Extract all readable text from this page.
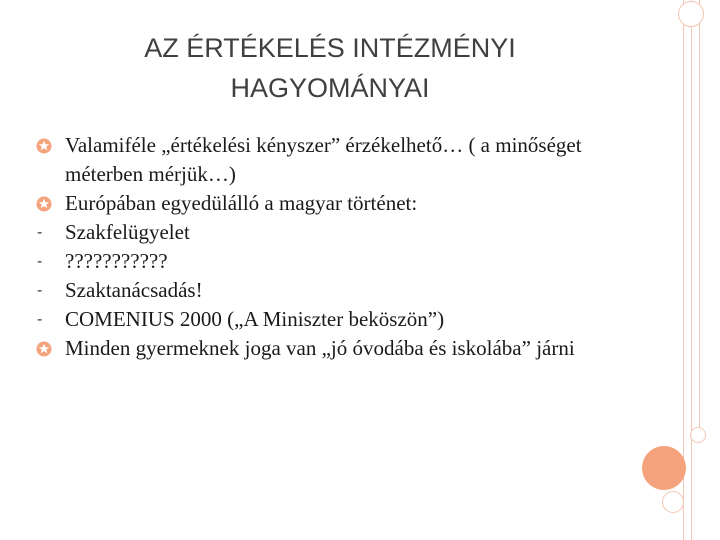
AZ ÉRTÉKELÉS INTÉZMÉNYI
HAGYOMÁNYAI
Valamiféle „értékelési kényszer” érzékelhető… ( a minőséget méterben mérjük…)
Európában egyedülálló a magyar történet:
- Szakfelügyelet
- ???????????
- Szaktanácsadás!
- COMENIUS 2000 („A Miniszter beköszön”)
Minden gyermeknek joga van „jó óvodába és iskolába” járni
